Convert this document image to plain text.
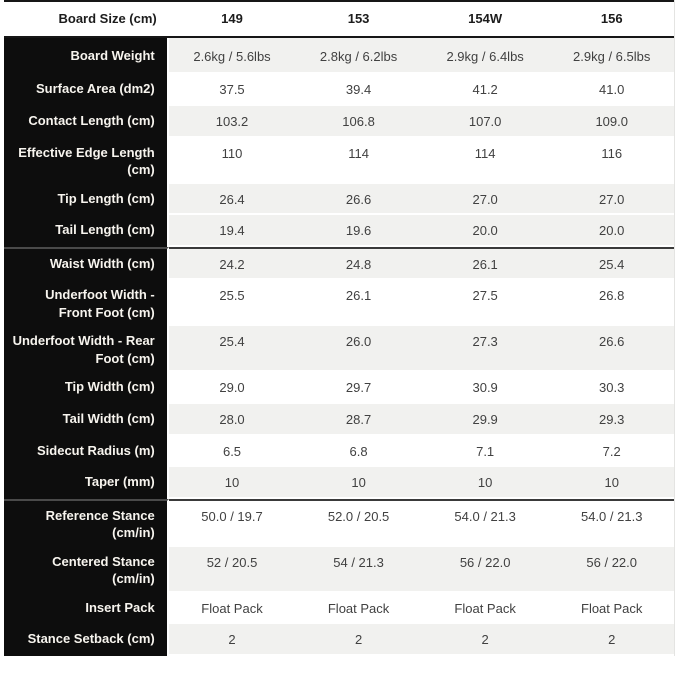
Board Size (cm)	149	153	154W	156
Board Weight	2.6kg / 5.6lbs	2.8kg / 6.2lbs	2.9kg / 6.4lbs	2.9kg / 6.5lbs
Surface Area (dm2)	37.5	39.4	41.2	41.0
Contact Length (cm)	103.2	106.8	107.0	109.0
Effective Edge Length (cm)	110	114	114	116
Tip Length (cm)	26.4	26.6	27.0	27.0
Tail Length (cm)	19.4	19.6	20.0	20.0
Waist Width (cm)	24.2	24.8	26.1	25.4
Underfoot Width - Front Foot (cm)	25.5	26.1	27.5	26.8
Underfoot Width - Rear Foot (cm)	25.4	26.0	27.3	26.6
Tip Width (cm)	29.0	29.7	30.9	30.3
Tail Width (cm)	28.0	28.7	29.9	29.3
Sidecut Radius (m)	6.5	6.8	7.1	7.2
Taper (mm)	10	10	10	10
Reference Stance (cm/in)	50.0 / 19.7	52.0 / 20.5	54.0 / 21.3	54.0 / 21.3
Centered Stance (cm/in)	52 / 20.5	54 / 21.3	56 / 22.0	56 / 22.0
Insert Pack	Float Pack	Float Pack	Float Pack	Float Pack
Stance Setback (cm)	2	2	2	2
